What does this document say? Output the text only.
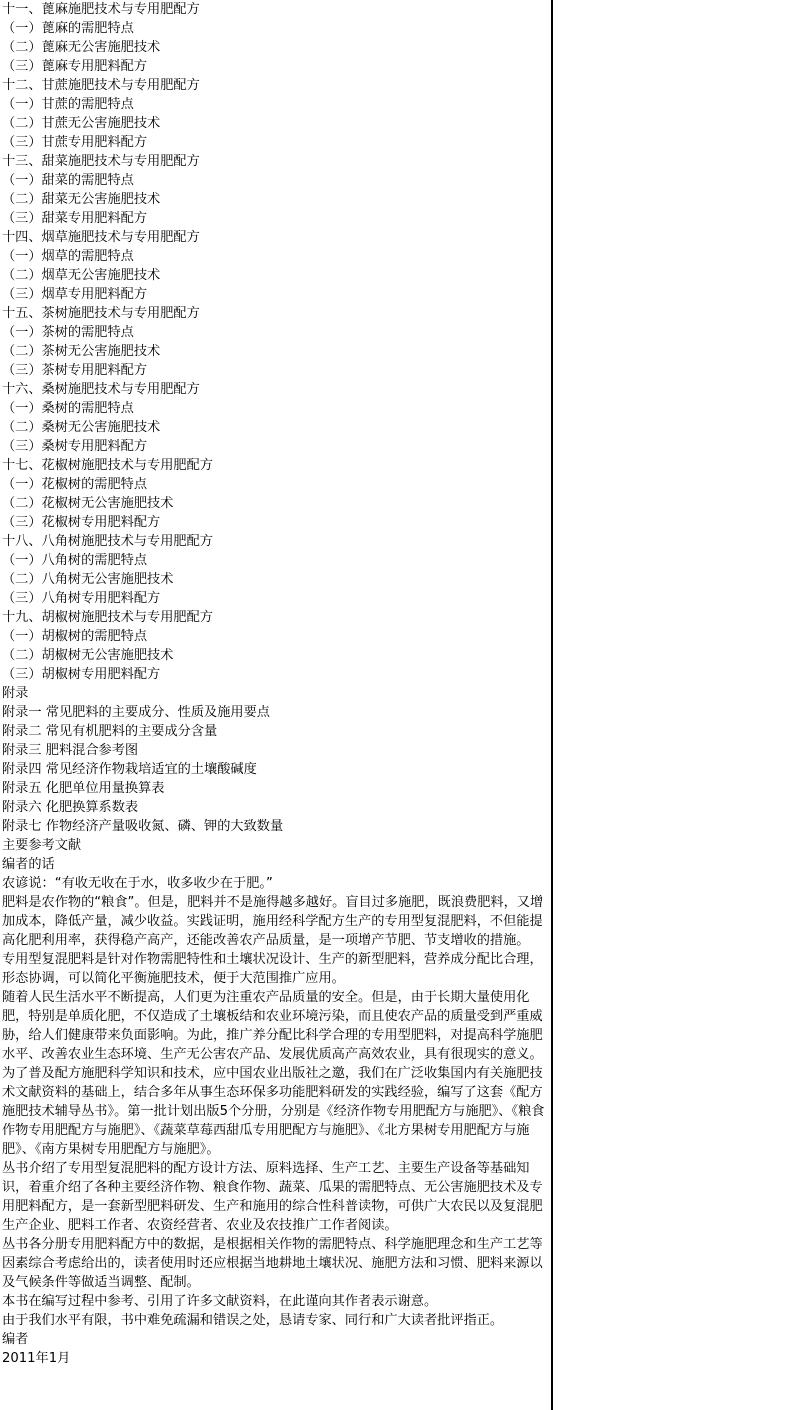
十一、蓖麻施肥技术与专用肥配方
（一）蓖麻的需肥特点
（二）蓖麻无公害施肥技术
（三）蓖麻专用肥料配方
十二、甘蔗施肥技术与专用肥配方
（一）甘蔗的需肥特点
（二）甘蔗无公害施肥技术
（三）甘蔗专用肥料配方
十三、甜菜施肥技术与专用肥配方
（一）甜菜的需肥特点
（二）甜菜无公害施肥技术
（三）甜菜专用肥料配方
十四、烟草施肥技术与专用肥配方
（一）烟草的需肥特点
（二）烟草无公害施肥技术
（三）烟草专用肥料配方
十五、茶树施肥技术与专用肥配方
（一）茶树的需肥特点
（二）茶树无公害施肥技术
（三）茶树专用肥料配方
十六、桑树施肥技术与专用肥配方
（一）桑树的需肥特点
（二）桑树无公害施肥技术
（三）桑树专用肥料配方
十七、花椒树施肥技术与专用肥配方
（一）花椒树的需肥特点
（二）花椒树无公害施肥技术
（三）花椒树专用肥料配方
十八、八角树施肥技术与专用肥配方
（一）八角树的需肥特点
（二）八角树无公害施肥技术
（三）八角树专用肥料配方
十九、胡椒树施肥技术与专用肥配方
（一）胡椒树的需肥特点
（二）胡椒树无公害施肥技术
（三）胡椒树专用肥料配方
附录
附录一 常见肥料的主要成分、性质及施用要点
附录二 常见有机肥料的主要成分含量
附录三 肥料混合参考图
附录四 常见经济作物栽培适宜的土壤酸碱度
附录五 化肥单位用量换算表
附录六 化肥换算系数表
附录七 作物经济产量吸收氮、磷、钾的大致数量
主要参考文献
编者的话
农谚说：“有收无收在于水，收多收少在于肥。”
肥料是农作物的“粮食”。但是，肥料并不是施得越多越好。盲目过多施肥，既浪费肥料，又增加成本，降低产量，减少收益。实践证明，施用经科学配方生产的专用型复混肥料，不但能提高化肥利用率，获得稳产高产，还能改善农产品质量，是一项增产节肥、节支增收的措施。
专用型复混肥料是针对作物需肥特性和土壤状况设计、生产的新型肥料，营养成分配比合理，形态协调，可以简化平衡施肥技术，便于大范围推广应用。
随着人民生活水平不断提高，人们更为注重农产品质量的安全。但是，由于长期大量使用化肥，特别是单质化肥，不仅造成了土壤板结和农业环境污染，而且使农产品的质量受到严重威胁，给人们健康带来负面影响。为此，推广养分配比科学合理的专用型肥料，对提高科学施肥水平、改善农业生态环境、生产无公害农产品、发展优质高产高效农业，具有很现实的意义。
为了普及配方施肥科学知识和技术，应中国农业出版社之邀，我们在广泛收集国内有关施肥技术文献资料的基础上，结合多年从事生态环保多功能肥料研发的实践经验，编写了这套《配方施肥技术辅导丛书》。第一批计划出版5个分册，分别是《经济作物专用肥配方与施肥》、《粮食作物专用肥配方与施肥》、《蔬菜草莓西甜瓜专用肥配方与施肥》、《北方果树专用肥配方与施肥》、《南方果树专用肥配方与施肥》。
丛书介绍了专用型复混肥料的配方设计方法、原料选择、生产工艺、主要生产设备等基础知识，着重介绍了各种主要经济作物、粮食作物、蔬菜、瓜果的需肥特点、无公害施肥技术及专用肥料配方，是一套新型肥料研发、生产和施用的综合性科普读物，可供广大农民以及复混肥生产企业、肥料工作者、农资经营者、农业及农技推广工作者阅读。
丛书各分册专用肥料配方中的数据，是根据相关作物的需肥特点、科学施肥理念和生产工艺等因素综合考虑给出的，读者使用时还应根据当地耕地土壤状况、施肥方法和习惯、肥料来源以及气候条件等做适当调整、配制。
本书在编写过程中参考、引用了许多文献资料，在此谨向其作者表示谢意。
由于我们水平有限，书中难免疏漏和错误之处，恳请专家、同行和广大读者批评指正。
编者
2011年1月
